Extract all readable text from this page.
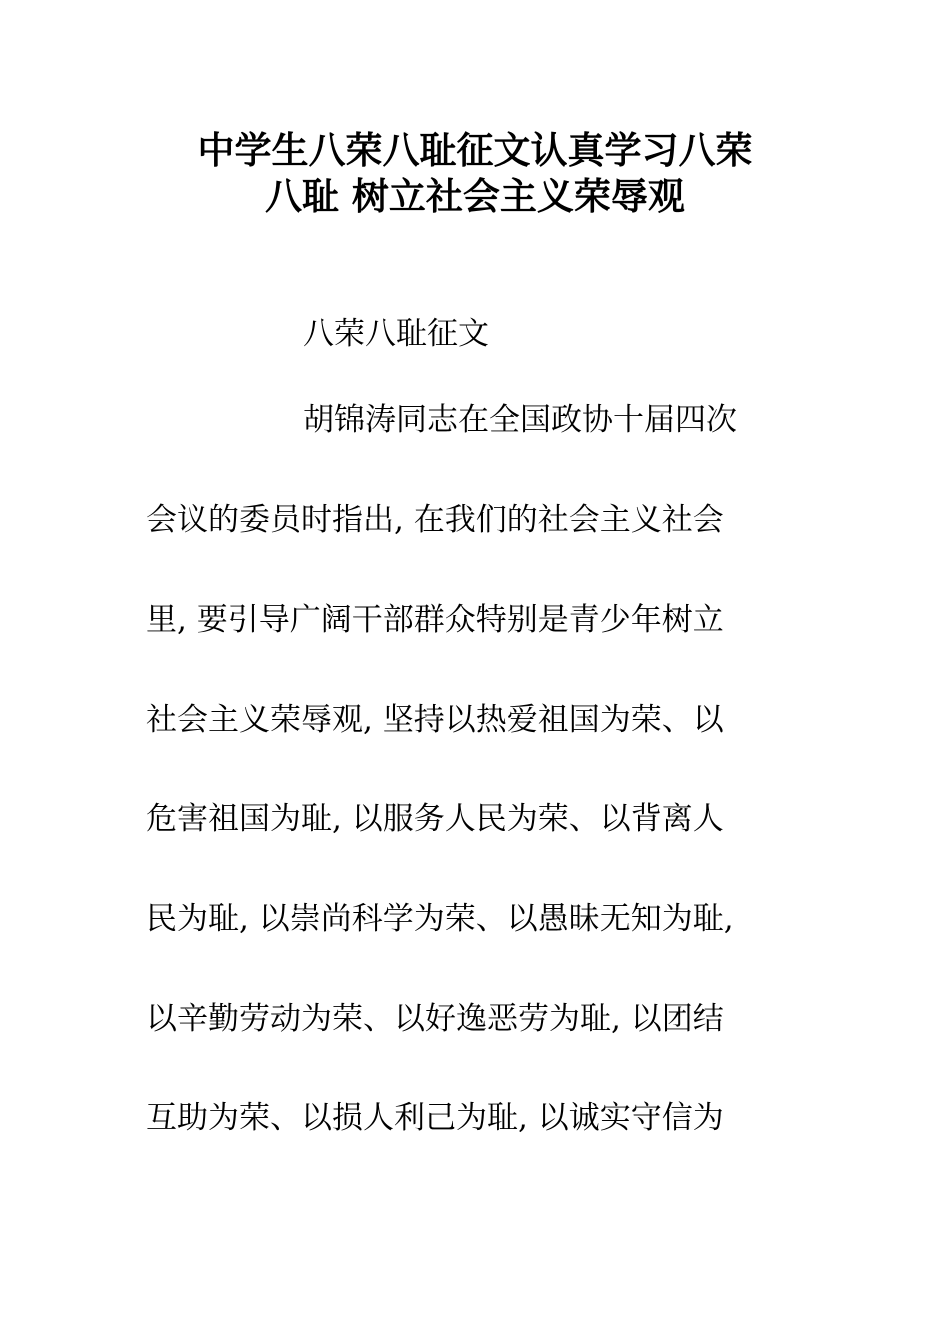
中学生八荣八耻征文认真学习八荣
八耻 树立社会主义荣辱观
八荣八耻征文
胡锦涛同志在全国政协十届四次
会议的委员时指出, 在我们的社会主义社会
里, 要引导广阔干部群众特别是青少年树立
社会主义荣辱观, 坚持以热爱祖国为荣、以
危害祖国为耻, 以服务人民为荣、以背离人
民为耻, 以崇尚科学为荣、以愚昧无知为耻,
以辛勤劳动为荣、以好逸恶劳为耻, 以团结
互助为荣、以损人利己为耻, 以诚实守信为
